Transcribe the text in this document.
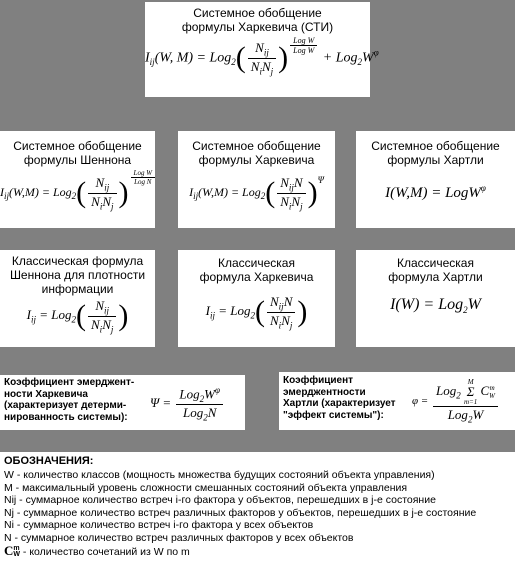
Системное обобщение
формулы Харкевича (СТИ)
$I_{ij}(W$, $M) = Log_2( \frac{N_{ij}}{N_iN_j}$ ) $\frac{\text{Log W}}{\text{Log W}}$
+ $Log_2W^\varphi$
Системное обобщение
формулы Шеннона
$I_{ij}(W,M) = Log_2( \frac{N_{ij}}{N_iN_j}$ ) $\frac{\text{Log W}}{\text{Log N}}$
Системное обобщение
формулы Харкевича
$I_{ij}(W,M) = Log_2( \frac{N_{ij}N}{N_iN_j} )^\Psi$
Системное обобщение
формулы Хартли
I(W,M) = LogW$^\varphi$
Классическая формула
Шеннона для плотности
информации
$I_{ij} = Log_2( \frac{N_{ij}}{N_iN_j}$ )
Классическая
формула Харкевича
$I_{ij} = Log_2( \frac{N_{ij}N}{N_iN_j}$ )
Классическая
формула Хартли
I(W) = Log$_2$W
Коэффициент эмерджент-
ности Харкевича
(характеризует детерми-
нированность системы):
$\Psi = \frac{Log_2W^\varphi}{Log_2N}$
Коэффициент
эмерджентности
Хартли (характеризует
"эффект системы"):
φ = Log$_2$
M
Σ
m=1
C m
W
Log$_2$W
ОБОЗНАЧЕНИЯ:
W - количество классов (мощность множества будущих состояний объекта управления)
M - максимальный уровень сложности смешанных состояний объекта управления
Nij - суммарное количество встреч i-го фактора у объектов, перешедших в j-е состояние
Nj - суммарное количество встреч различных факторов у объектов, перешедших в j-е состояние
Ni - суммарное количество встреч i-го фактора у всех объектов
N - суммарное количество встреч различных факторов у всех объектов
C m
W - количество сочетаний из W по m
